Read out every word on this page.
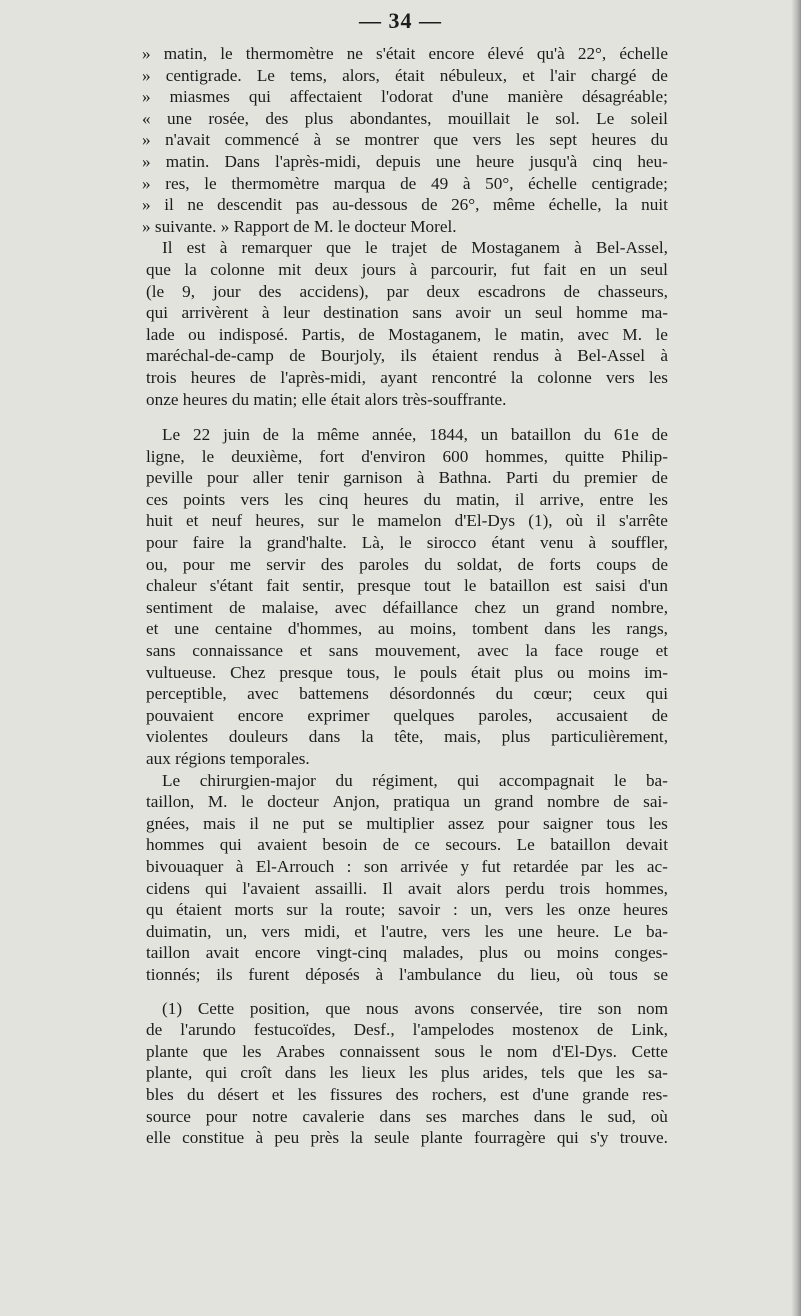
— 34 —
» matin, le thermomètre ne s'était encore élevé qu'à 22°, échelle
» centigrade. Le tems, alors, était nébuleux, et l'air chargé de
» miasmes qui affectaient l'odorat d'une manière désagréable;
« une rosée, des plus abondantes, mouillait le sol. Le soleil
» n'avait commencé à se montrer que vers les sept heures du
» matin. Dans l'après-midi, depuis une heure jusqu'à cinq heu-
» res, le thermomètre marqua de 49 à 50°, échelle centigrade;
» il ne descendit pas au-dessous de 26°, même échelle, la nuit
» suivante. » Rapport de M. le docteur Morel.
Il est à remarquer que le trajet de Mostaganem à Bel-Assel,
que la colonne mit deux jours à parcourir, fut fait en un seul
(le 9, jour des accidens), par deux escadrons de chasseurs,
qui arrivèrent à leur destination sans avoir un seul homme ma-
lade ou indisposé. Partis, de Mostaganem, le matin, avec M. le
maréchal-de-camp de Bourjoly, ils étaient rendus à Bel-Assel à
trois heures de l'après-midi, ayant rencontré la colonne vers les
onze heures du matin; elle était alors très-souffrante.
Le 22 juin de la même année, 1844, un bataillon du 61e de
ligne, le deuxième, fort d'environ 600 hommes, quitte Philip-
peville pour aller tenir garnison à Bathna. Parti du premier de
ces points vers les cinq heures du matin, il arrive, entre les
huit et neuf heures, sur le mamelon d'El-Dys (1), où il s'arrête
pour faire la grand'halte. Là, le sirocco étant venu à souffler,
ou, pour me servir des paroles du soldat, de forts coups de
chaleur s'étant fait sentir, presque tout le bataillon est saisi d'un
sentiment de malaise, avec défaillance chez un grand nombre,
et une centaine d'hommes, au moins, tombent dans les rangs,
sans connaissance et sans mouvement, avec la face rouge et
vultueuse. Chez presque tous, le pouls était plus ou moins im-
perceptible, avec battemens désordonnés du cœur; ceux qui
pouvaient encore exprimer quelques paroles, accusaient de
violentes douleurs dans la tête, mais, plus particulièrement,
aux régions temporales.
Le chirurgien-major du régiment, qui accompagnait le ba-
taillon, M. le docteur Anjon, pratiqua un grand nombre de sai-
gnées, mais il ne put se multiplier assez pour saigner tous les
hommes qui avaient besoin de ce secours. Le bataillon devait
bivouaquer à El-Arrouch : son arrivée y fut retardée par les ac-
cidens qui l'avaient assailli. Il avait alors perdu trois hommes,
qu étaient morts sur la route; savoir : un, vers les onze heures
duimatin, un, vers midi, et l'autre, vers les une heure. Le ba-
taillon avait encore vingt-cinq malades, plus ou moins conges-
tionnés; ils furent déposés à l'ambulance du lieu, où tous se
(1) Cette position, que nous avons conservée, tire son nom
de l'arundo festucoïdes, Desf., l'ampelodes mostenox de Link,
plante que les Arabes connaissent sous le nom d'El-Dys. Cette
plante, qui croît dans les lieux les plus arides, tels que les sa-
bles du désert et les fissures des rochers, est d'une grande res-
source pour notre cavalerie dans ses marches dans le sud, où
elle constitue à peu près la seule plante fourragère qui s'y trouve.
